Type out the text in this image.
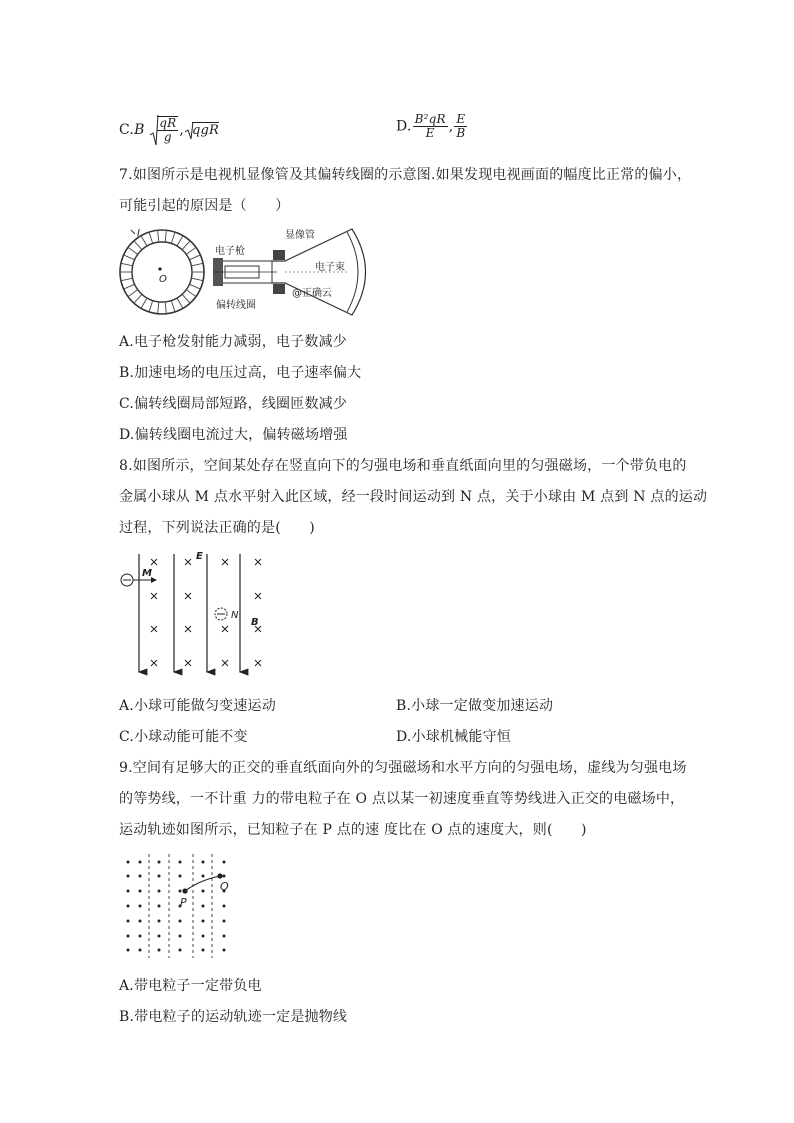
$C.B \frac{qR}{g}$ , qgR	D. $\frac{\text{B²qR}}{E}$ , $\frac{E}{B}$
7.如图所示是电视机显像管及其偏转线圈的示意图.如果发现电视画面的幅度比正常的偏小，
可能引起的原因是（　　）
I
O
电子枪
显像管
电子束
偏转线圈
@正确云
A.电子枪发射能力减弱，电子数减少
B.加速电场的电压过高，电子速率偏大
C.偏转线圈局部短路，线圈匝数减少
D.偏转线圈电流过大，偏转磁场增强
8.如图所示，空间某处存在竖直向下的匀强电场和垂直纸面向里的匀强磁场，一个带负电的
金属小球从 M 点水平射入此区域，经一段时间运动到 N 点，关于小球由 M 点到 N 点的运动
过程，下列说法正确的是(　　)
M
E
N
B
A.小球可能做匀变速运动	B.小球一定做变加速运动
C.小球动能可能不变	D.小球机械能守恒
9.空间有足够大的正交的垂直纸面向外的匀强磁场和水平方向的匀强电场，虚线为匀强电场
的等势线，一不计重 力的带电粒子在 O 点以某一初速度垂直等势线进入正交的电磁场中，
运动轨迹如图所示，已知粒子在 P 点的速 度比在 O 点的速度大，则(　　)
O
P
A.带电粒子一定带负电
B.带电粒子的运动轨迹一定是抛物线
